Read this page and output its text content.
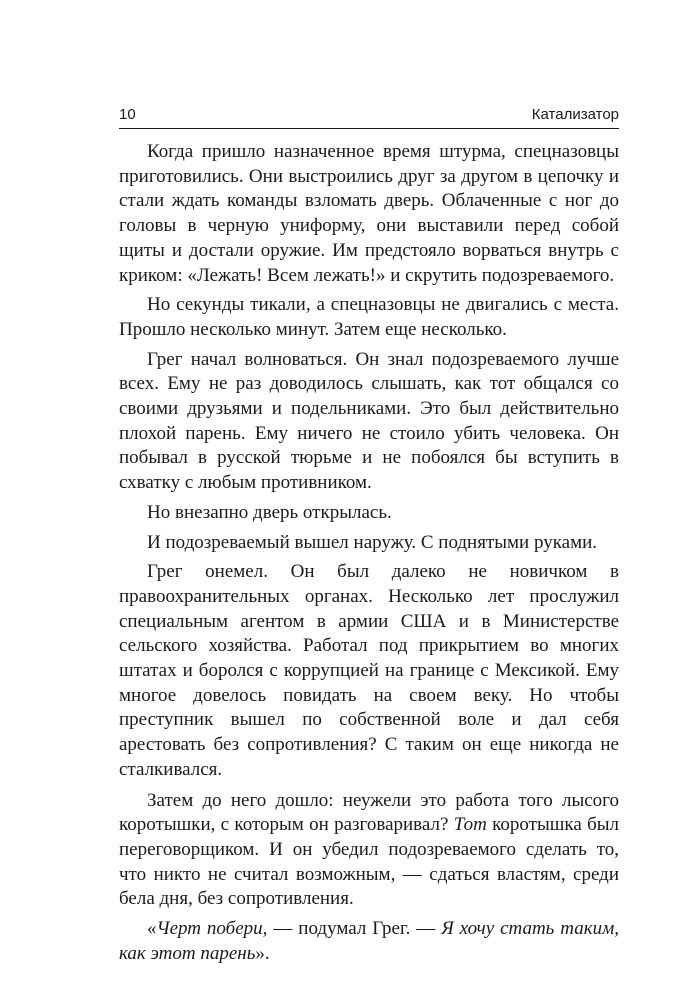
10	Катализатор

Когда пришло назначенное время штурма, спецназовцы приготовились. Они выстроились друг за другом в цепочку и стали ждать команды взломать дверь. Облаченные с ног до головы в черную униформу, они выставили перед собой щиты и достали оружие. Им предстояло ворваться внутрь с криком: «Лежать! Всем лежать!» и скрутить подозреваемого.

Но секунды тикали, а спецназовцы не двигались с места. Прошло несколько минут. Затем еще несколько.

Грег начал волноваться. Он знал подозреваемого лучше всех. Ему не раз доводилось слышать, как тот общался со своими друзьями и подельниками. Это был действительно плохой парень. Ему ничего не стоило убить человека. Он побывал в русской тюрьме и не побоялся бы вступить в схватку с любым противником.

Но внезапно дверь открылась.

И подозреваемый вышел наружу. С поднятыми руками.

Грег онемел. Он был далеко не новичком в правоохранительных органах. Несколько лет прослужил специальным агентом в армии США и в Министерстве сельского хозяйства. Работал под прикрытием во многих штатах и боролся с коррупцией на границе с Мексикой. Ему многое довелось повидать на своем веку. Но чтобы преступник вышел по собственной воле и дал себя арестовать без сопротивления? С таким он еще никогда не сталкивался.

Затем до него дошло: неужели это работа того лысого коротышки, с которым он разговаривал? Тот коротышка был переговорщиком. И он убедил подозреваемого сделать то, что никто не считал возможным, — сдаться властям, среди бела дня, без сопротивления.

«Черт побери, — подумал Грег. — Я хочу стать таким, как этот парень».
